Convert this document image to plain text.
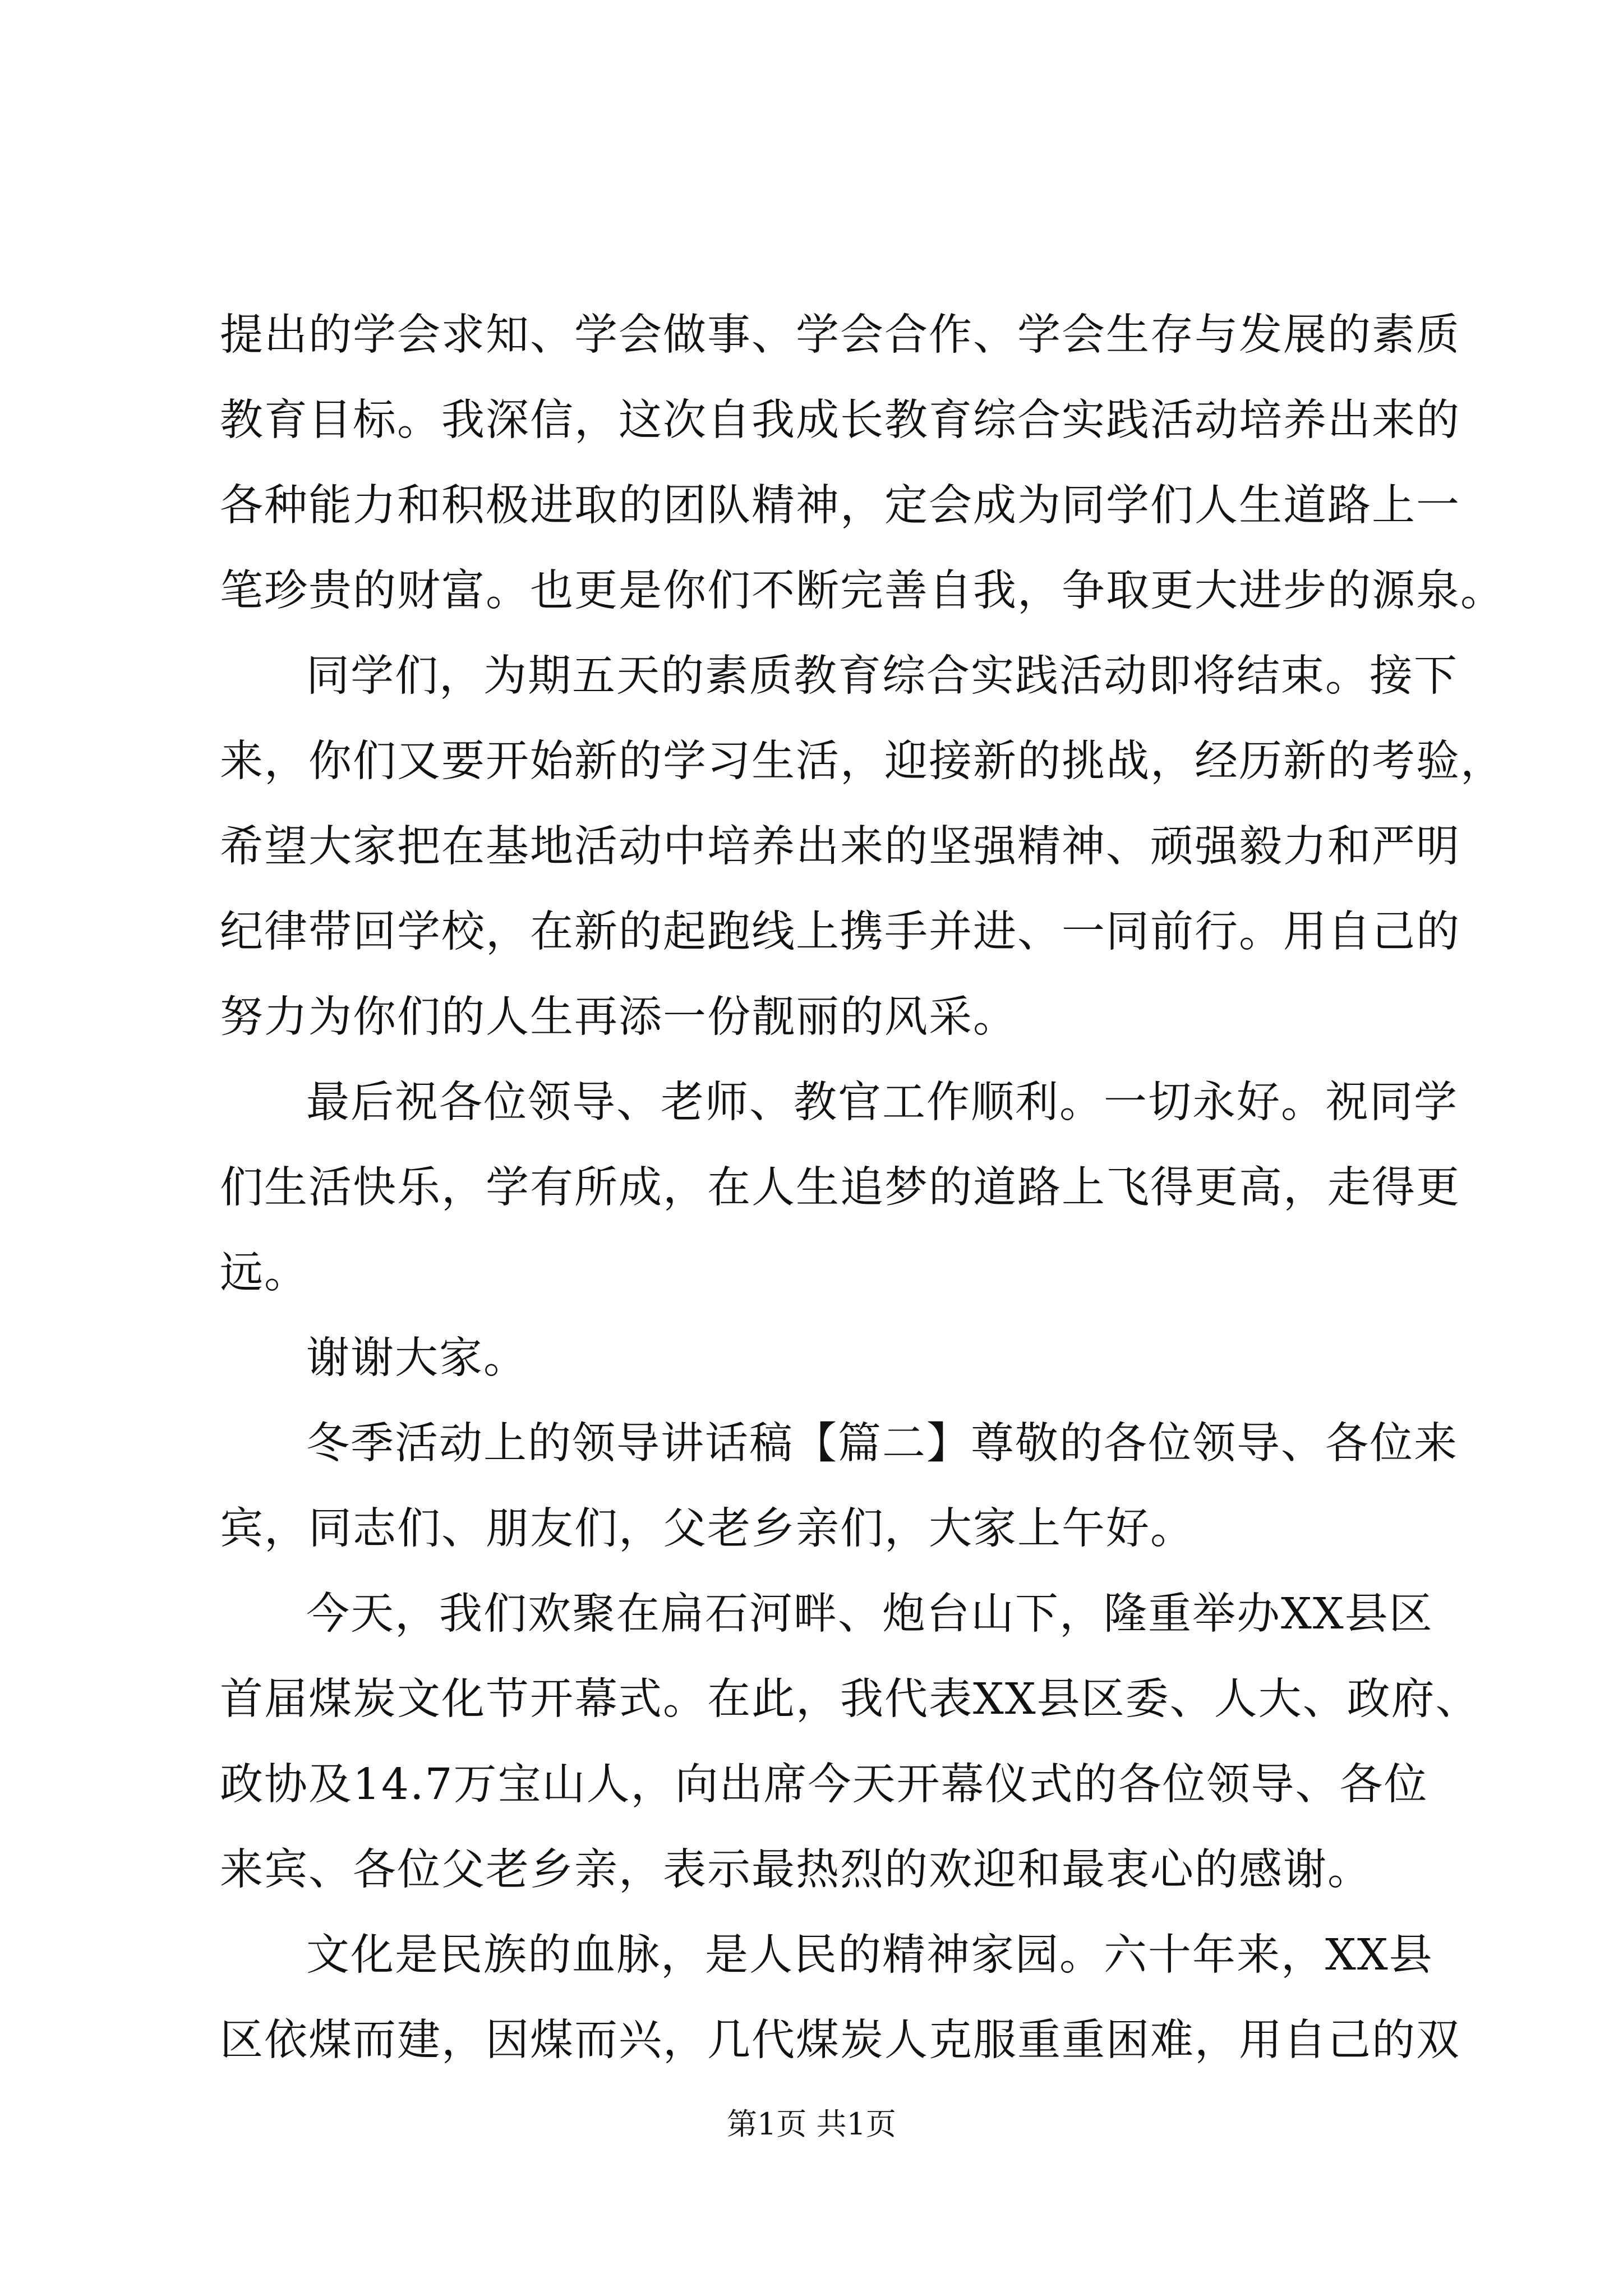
提出的学会求知、学会做事、学会合作、学会生存与发展的素质
教育目标。我深信，这次自我成长教育综合实践活动培养出来的
各种能力和积极进取的团队精神，定会成为同学们人生道路上一
笔珍贵的财富。也更是你们不断完善自我，争取更大进步的源泉。
同学们，为期五天的素质教育综合实践活动即将结束。接下
来，你们又要开始新的学习生活，迎接新的挑战，经历新的考验，
希望大家把在基地活动中培养出来的坚强精神、顽强毅力和严明
纪律带回学校，在新的起跑线上携手并进、一同前行。用自己的
努力为你们的人生再添一份靓丽的风采。
最后祝各位领导、老师、教官工作顺利。一切永好。祝同学
们生活快乐，学有所成，在人生追梦的道路上飞得更高，走得更
远。
谢谢大家。
冬季活动上的领导讲话稿【篇二】尊敬的各位领导、各位来
宾，同志们、朋友们，父老乡亲们，大家上午好。
今天，我们欢聚在扁石河畔、炮台山下，隆重举办XX县区
首届煤炭文化节开幕式。在此，我代表XX县区委、人大、政府、
政协及14.7万宝山人，向出席今天开幕仪式的各位领导、各位
来宾、各位父老乡亲，表示最热烈的欢迎和最衷心的感谢。
文化是民族的血脉，是人民的精神家园。六十年来，XX县
区依煤而建，因煤而兴，几代煤炭人克服重重困难，用自己的双
第1页 共1页
